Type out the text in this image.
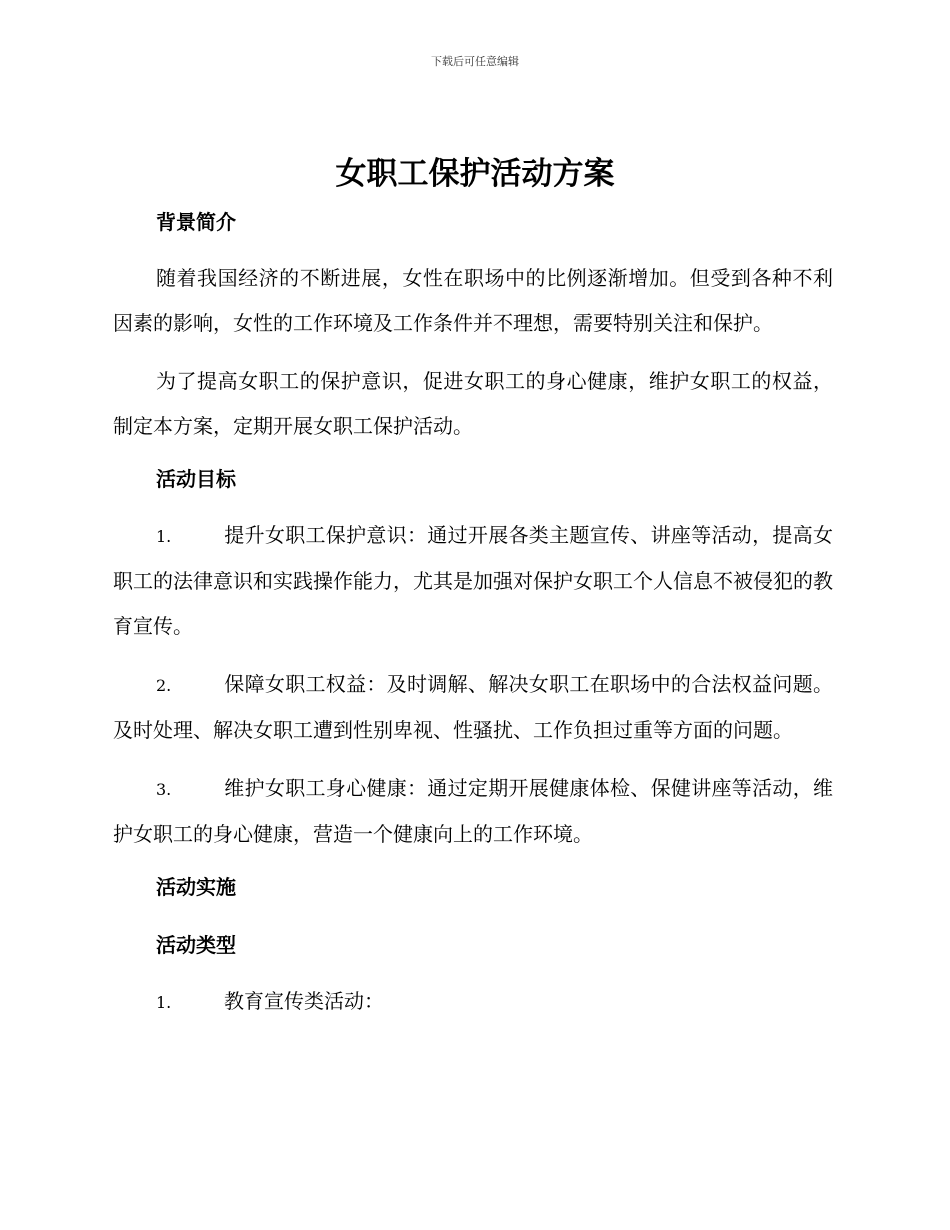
下载后可任意编辑
女职工保护活动方案
背景简介

随着我国经济的不断进展，女性在职场中的比例逐渐增加。但受到各种不利因素的影响，女性的工作环境及工作条件并不理想，需要特别关注和保护。

为了提高女职工的保护意识，促进女职工的身心健康，维护女职工的权益，制定本方案，定期开展女职工保护活动。

活动目标

1.	提升女职工保护意识：通过开展各类主题宣传、讲座等活动，提高女职工的法律意识和实践操作能力，尤其是加强对保护女职工个人信息不被侵犯的教育宣传。

2.	保障女职工权益：及时调解、解决女职工在职场中的合法权益问题。及时处理、解决女职工遭到性别卑视、性骚扰、工作负担过重等方面的问题。

3.	维护女职工身心健康：通过定期开展健康体检、保健讲座等活动，维护女职工的身心健康，营造一个健康向上的工作环境。

活动实施
活动类型

1.	教育宣传类活动：
